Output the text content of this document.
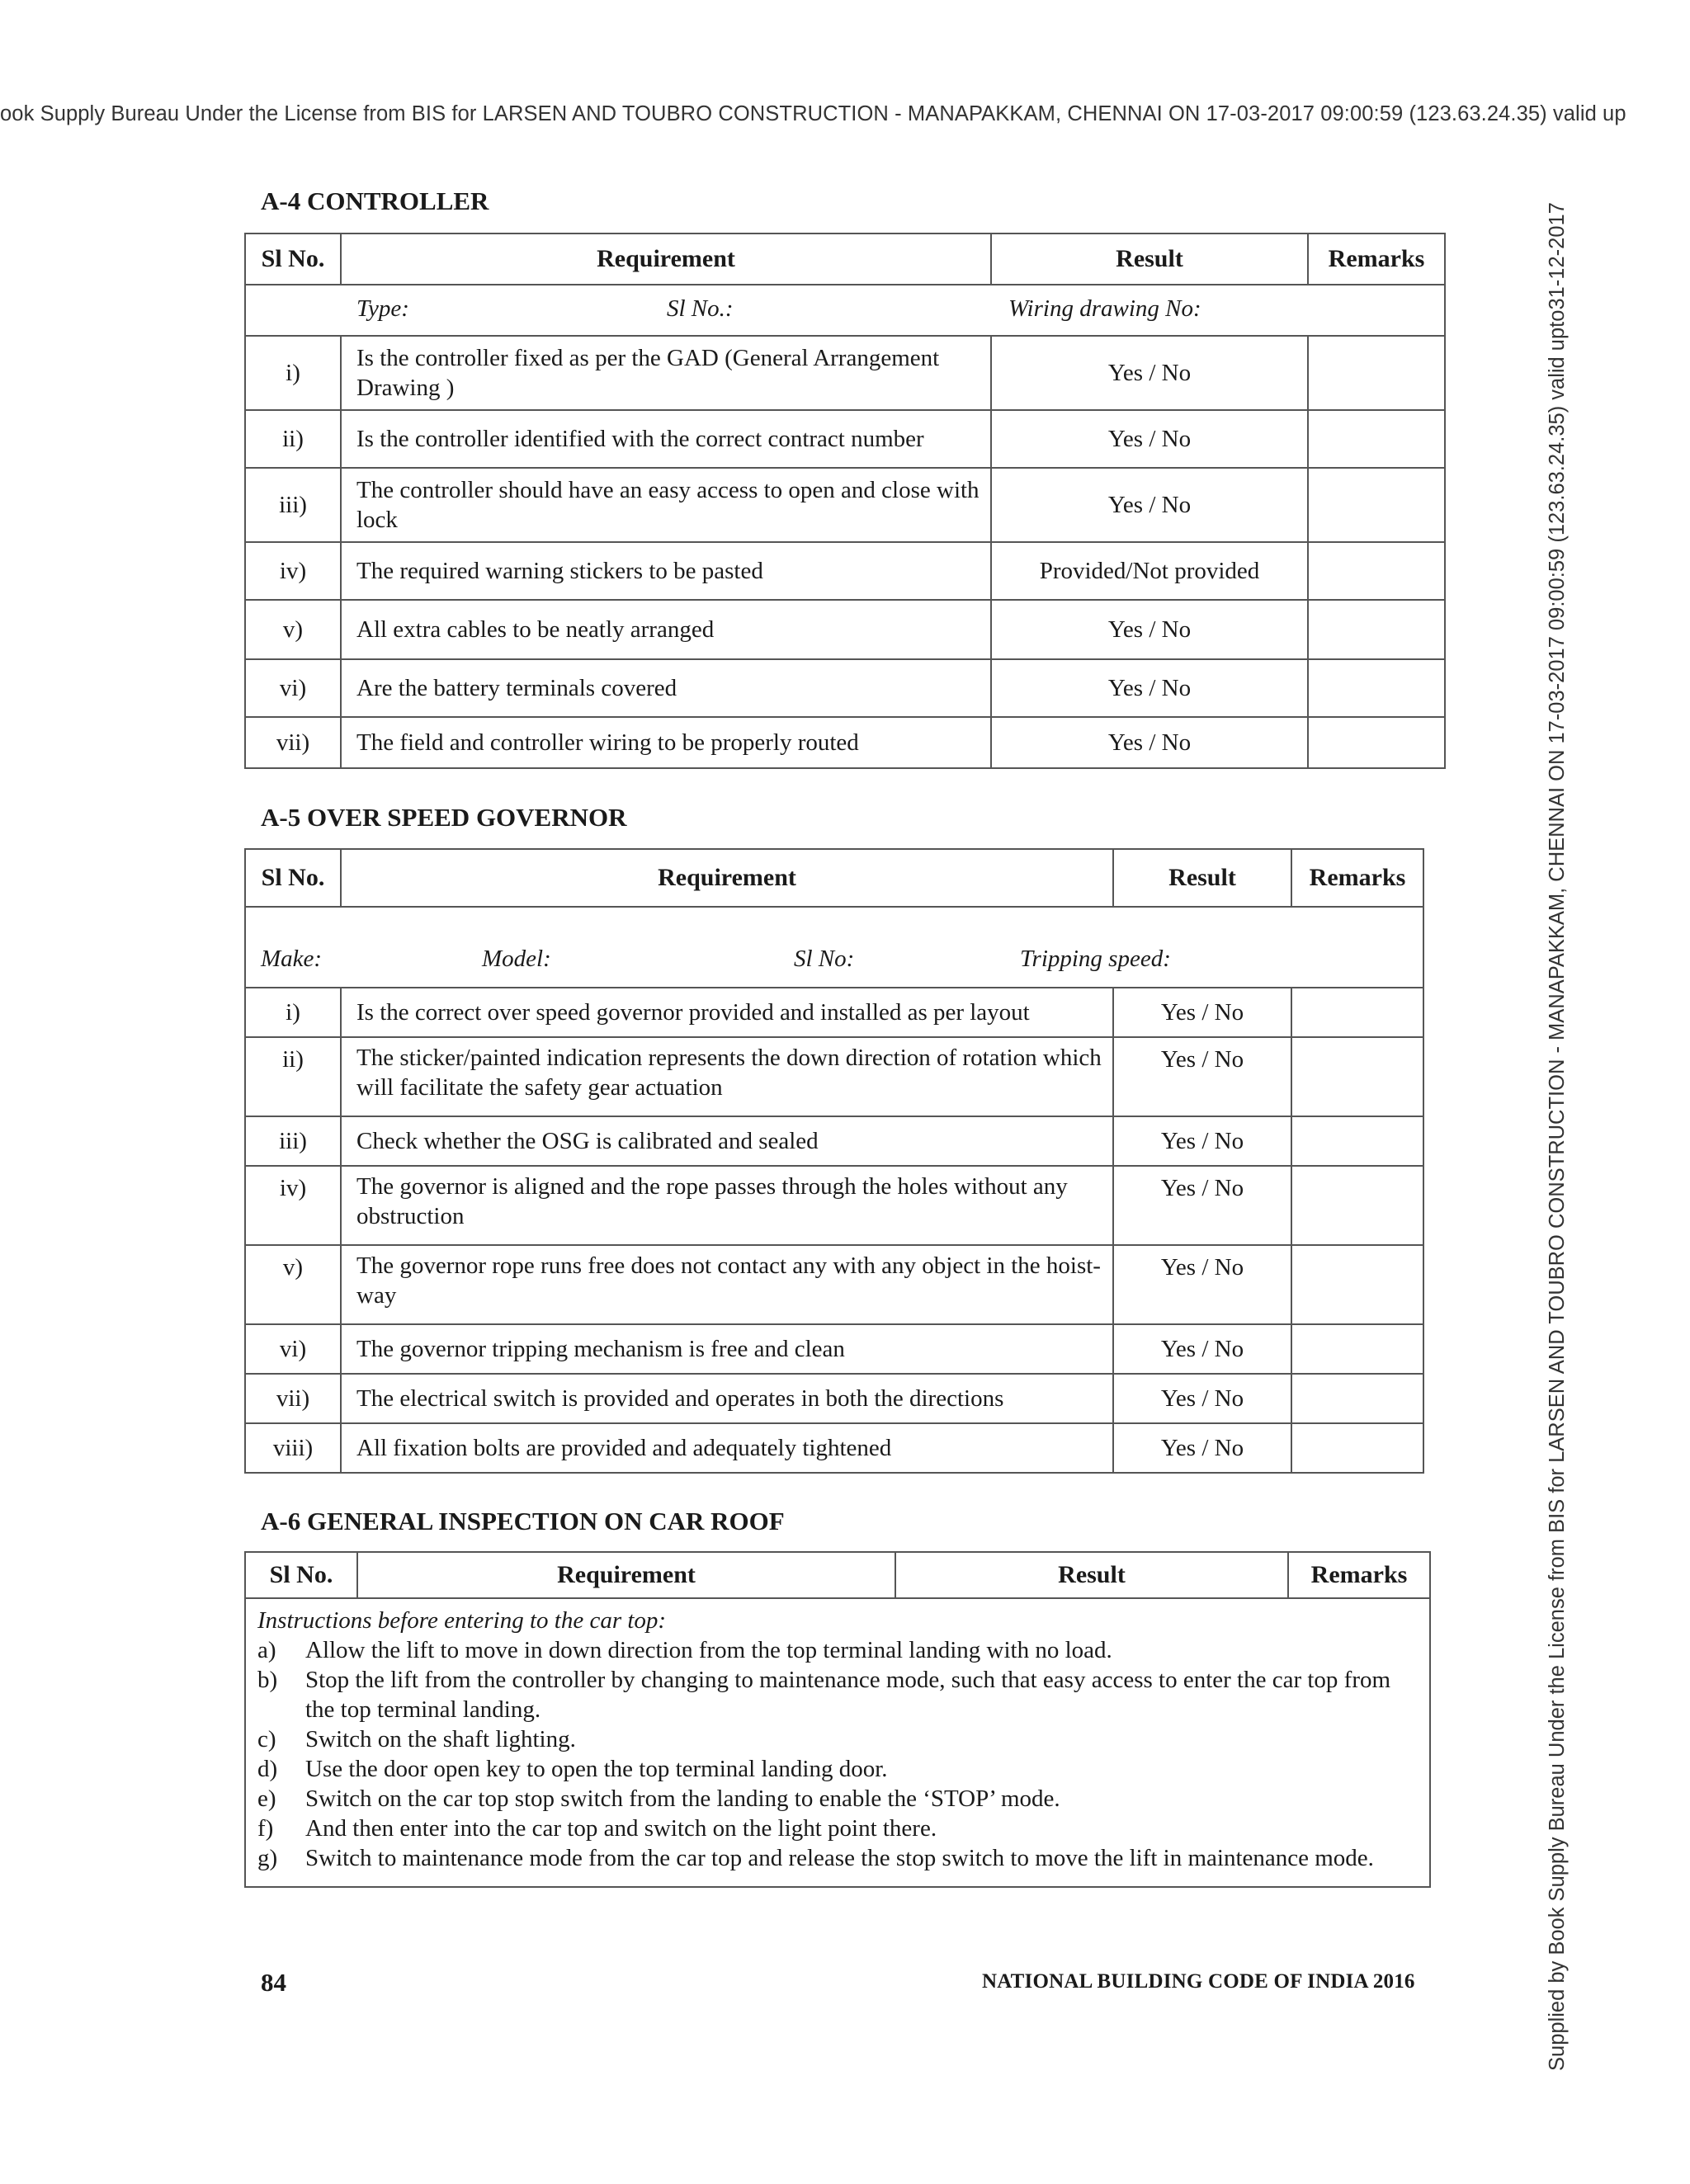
ook Supply Bureau Under the License from BIS for LARSEN AND TOUBRO CONSTRUCTION - MANAPAKKAM, CHENNAI ON 17-03-2017 09:00:59 (123.63.24.35) valid up
Supplied by Book Supply Bureau Under the License from BIS for LARSEN AND TOUBRO CONSTRUCTION - MANAPAKKAM, CHENNAI ON 17-03-2017 09:00:59 (123.63.24.35) valid upto31-12-2017
A-4 CONTROLLER
Sl No.	Requirement	Result	Remarks

Type: Sl No.: Wiring drawing No:			

i)	Is the controller fixed as per the GAD (General Arrangement Drawing )	Yes / No	
ii)	Is the controller identified with the correct contract number	Yes / No	
iii)	The controller should have an easy access to open and close with lock	Yes / No	
iv)	The required warning stickers to be pasted	Provided/Not provided	
v)	All extra cables to be neatly arranged	Yes / No	
vi)	Are the battery terminals covered	Yes / No	
vii)	The field and controller wiring to be properly routed	Yes / No	
A-5 OVER SPEED GOVERNOR
Sl No.	Requirement	Result	Remarks

Make: Model: Sl No: Tripping speed:			

i)	Is the correct over speed governor provided and installed as per layout	Yes / No	
ii)	The sticker/painted indication represents the down direction of rotation which will facilitate the safety gear actuation	Yes / No	
iii)	Check whether the OSG is calibrated and sealed	Yes / No	
iv)	The governor is aligned and the rope passes through the holes without any obstruction	Yes / No	
v)	The governor rope runs free does not contact any with any object in the hoist-way	Yes / No	
vi)	The governor tripping mechanism is free and clean	Yes / No	
vii)	The electrical switch is provided and operates in both the directions	Yes / No	
viii)	All fixation bolts are provided and adequately tightened	Yes / No	
A-6 GENERAL INSPECTION ON CAR ROOF
Sl No.	Requirement	Result	Remarks

Instructions before entering to the car top:
a)	Allow the lift to move in down direction from the top terminal landing with no load.
b)	Stop the lift from the controller by changing to maintenance mode, such that easy access to enter the car top from the top terminal landing.
c)	Switch on the shaft lighting.
d)	Use the door open key to open the top terminal landing door.
e)	Switch on the car top stop switch from the landing to enable the ‘STOP’ mode.
f)	And then enter into the car top and switch on the light point there.
g)	Switch to maintenance mode from the car top and release the stop switch to move the lift in maintenance mode.
84	NATIONAL BUILDING CODE OF INDIA 2016
